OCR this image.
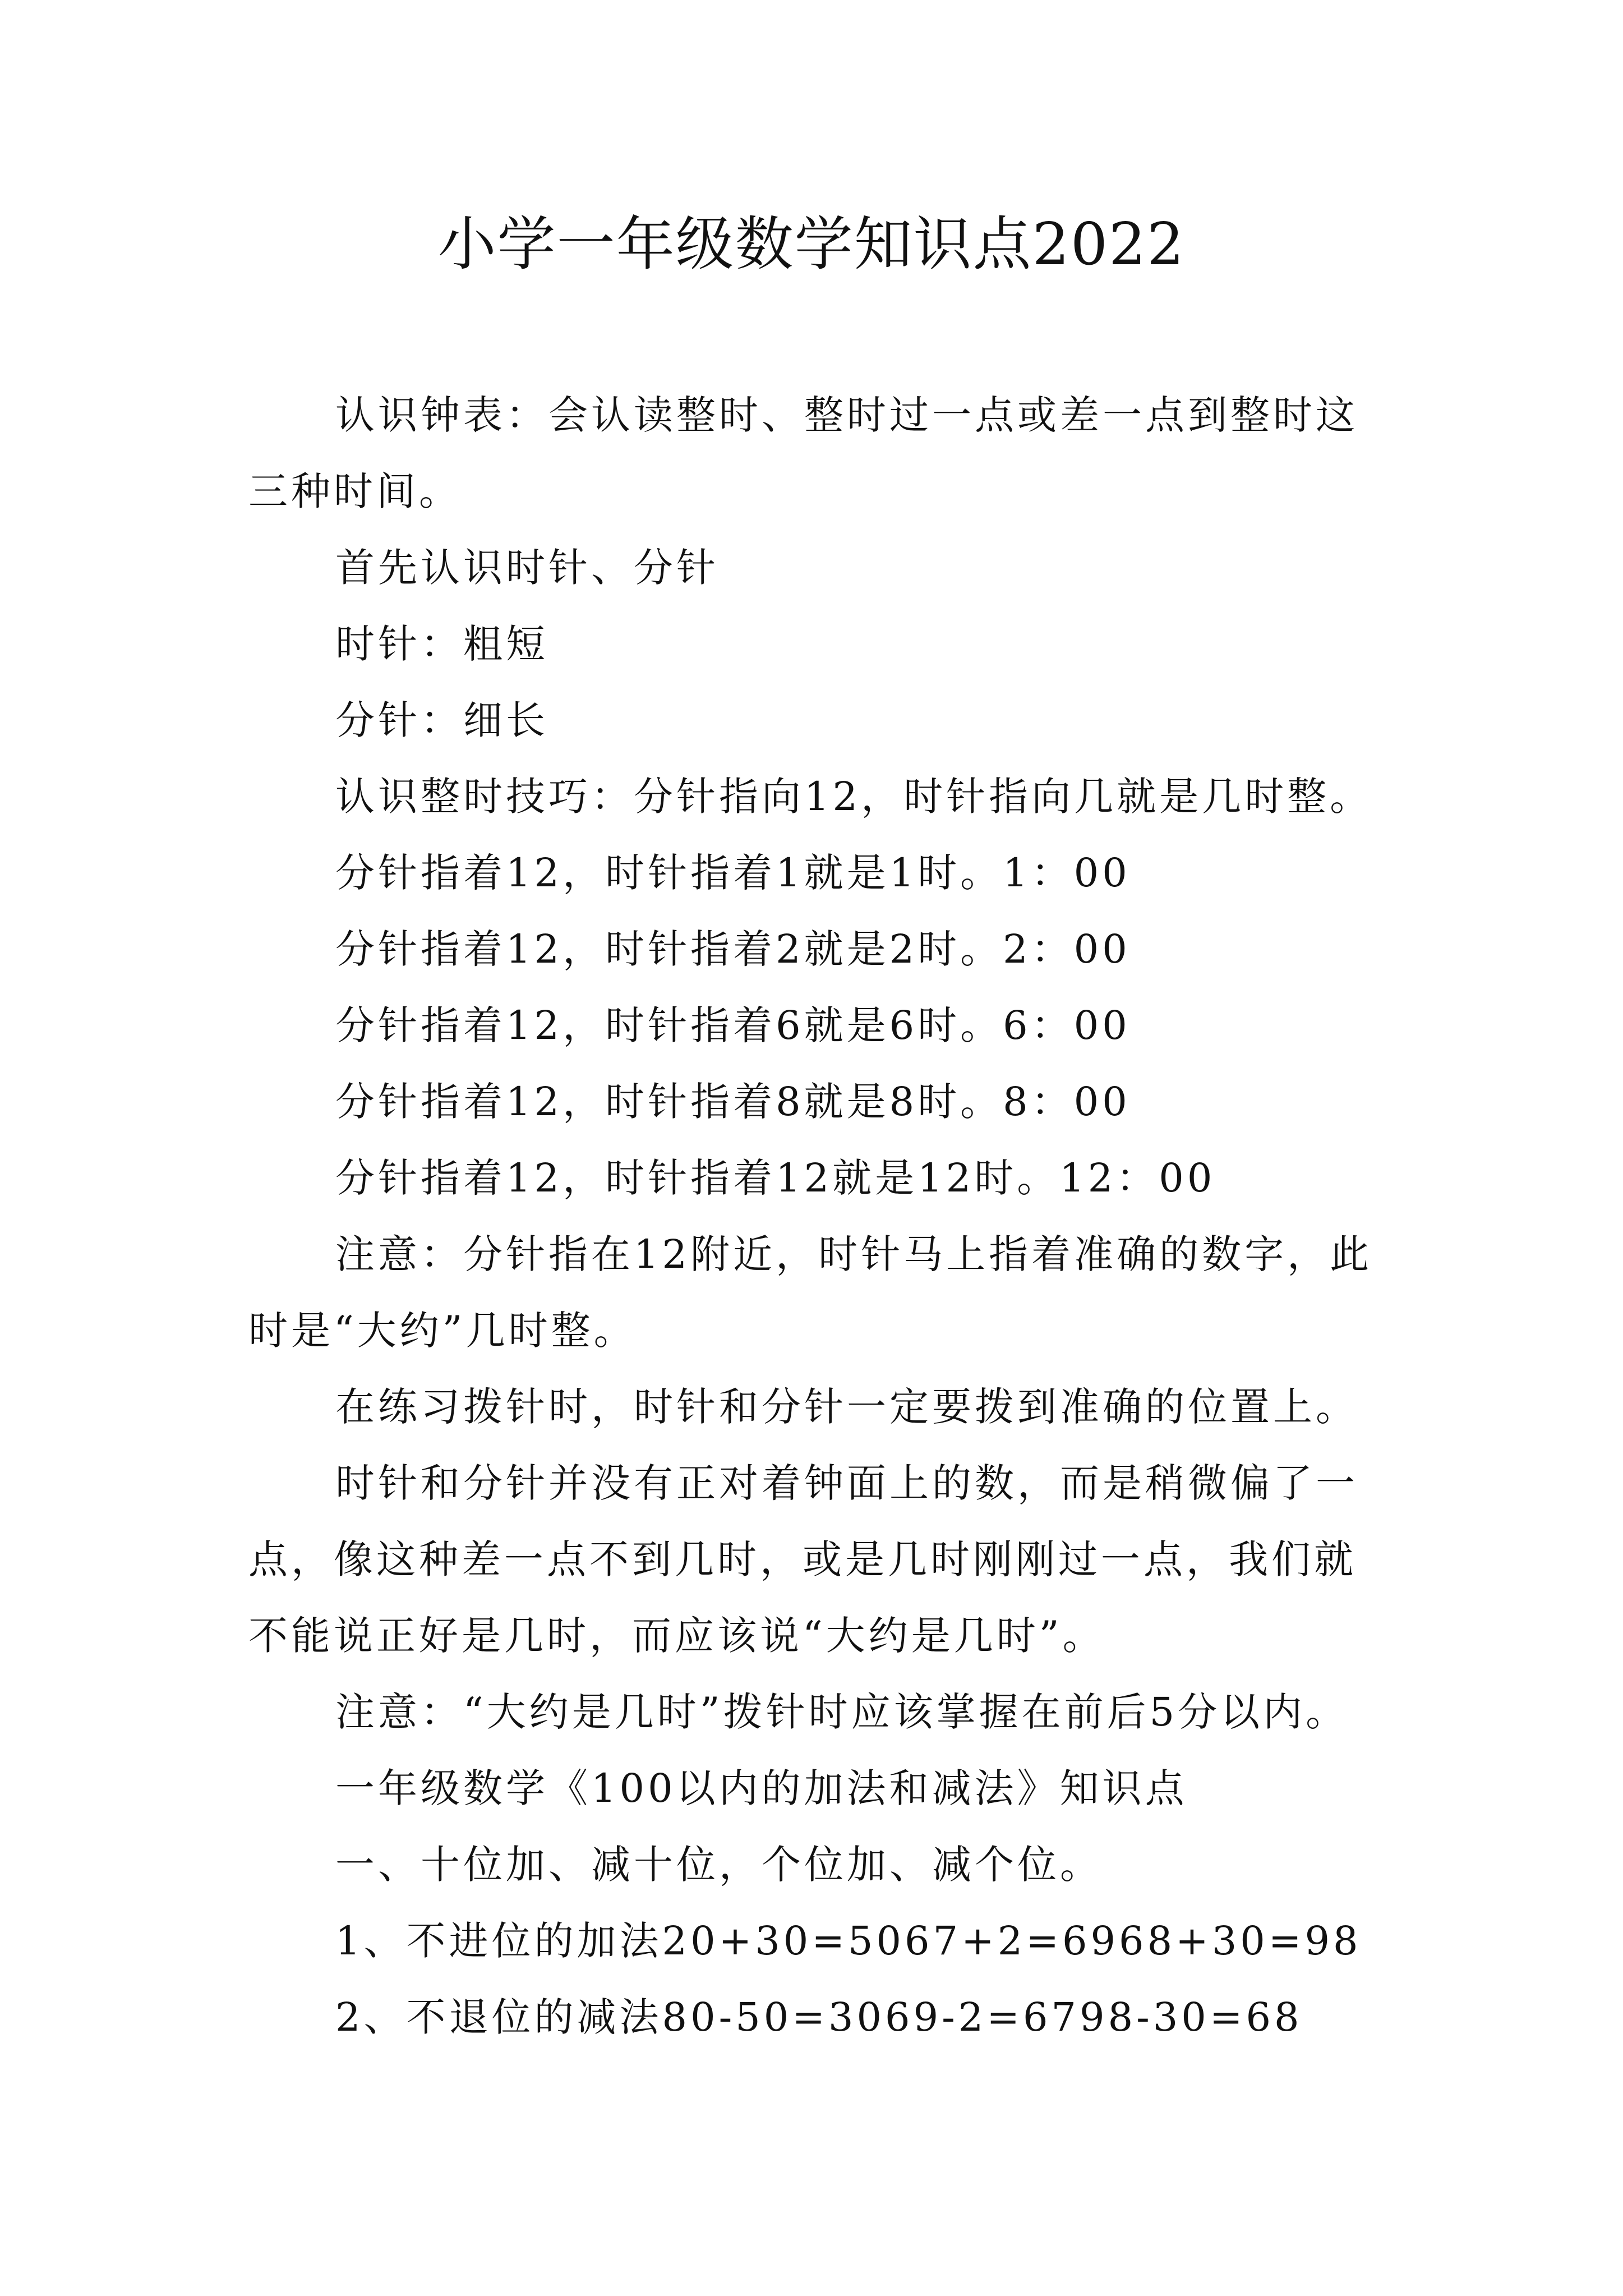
小学一年级数学知识点2022

认识钟表：会认读整时、整时过一点或差一点到整时这三种时间。

首先认识时针、分针

时针：粗短

分针：细长

认识整时技巧：分针指向12，时针指向几就是几时整。

分针指着12，时针指着1就是1时。1：00

分针指着12，时针指着2就是2时。2：00

分针指着12，时针指着6就是6时。6：00

分针指着12，时针指着8就是8时。8：00

分针指着12，时针指着12就是12时。12：00

注意：分针指在12附近，时针马上指着准确的数字，此时是“大约”几时整。

在练习拨针时，时针和分针一定要拨到准确的位置上。

时针和分针并没有正对着钟面上的数，而是稍微偏了一点，像这种差一点不到几时，或是几时刚刚过一点，我们就不能说正好是几时，而应该说“大约是几时”。

注意：“大约是几时”拨针时应该掌握在前后5分以内。

一年级数学《100以内的加法和减法》知识点

一、十位加、减十位，个位加、减个位。

1、不进位的加法20+30=5067+2=6968+30=98

2、不退位的减法80-50=3069-2=6798-30=68
